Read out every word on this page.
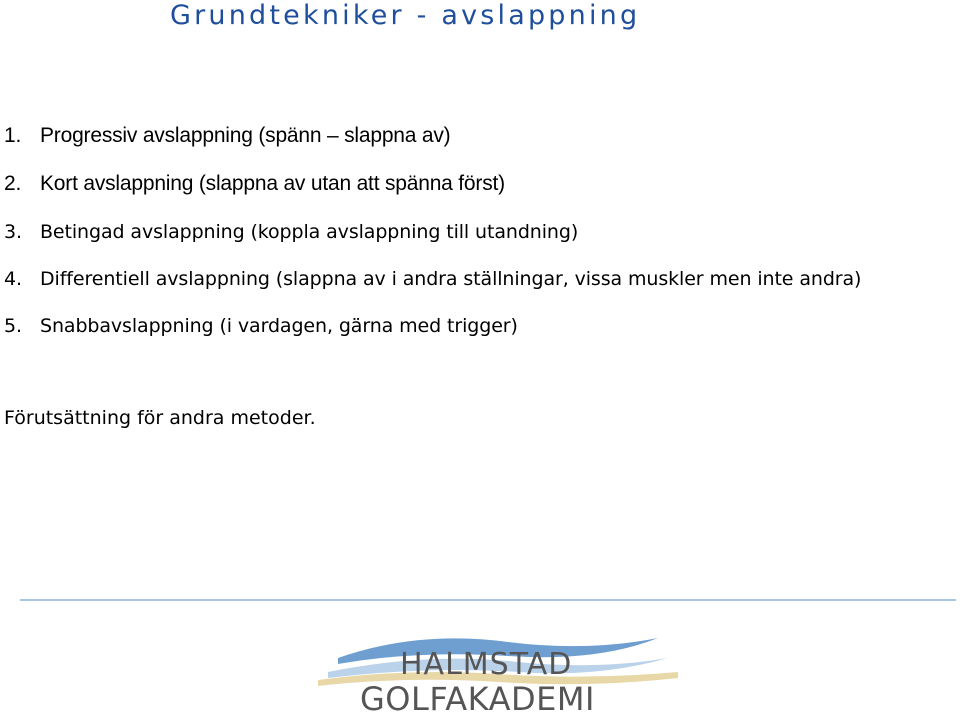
Grundtekniker - avslappning
1. Progressiv avslappning (spänn – slappna av)
2. Kort avslappning (slappna av utan att spänna först)
3. Betingad avslappning (koppla avslappning till utandning)
4. Differentiell avslappning (slappna av i andra ställningar, vissa muskler men inte andra)
5. Snabbavslappning (i vardagen, gärna med trigger)

Förutsättning för andra metoder.

HALMSTAD
GOLFAKADEMI
